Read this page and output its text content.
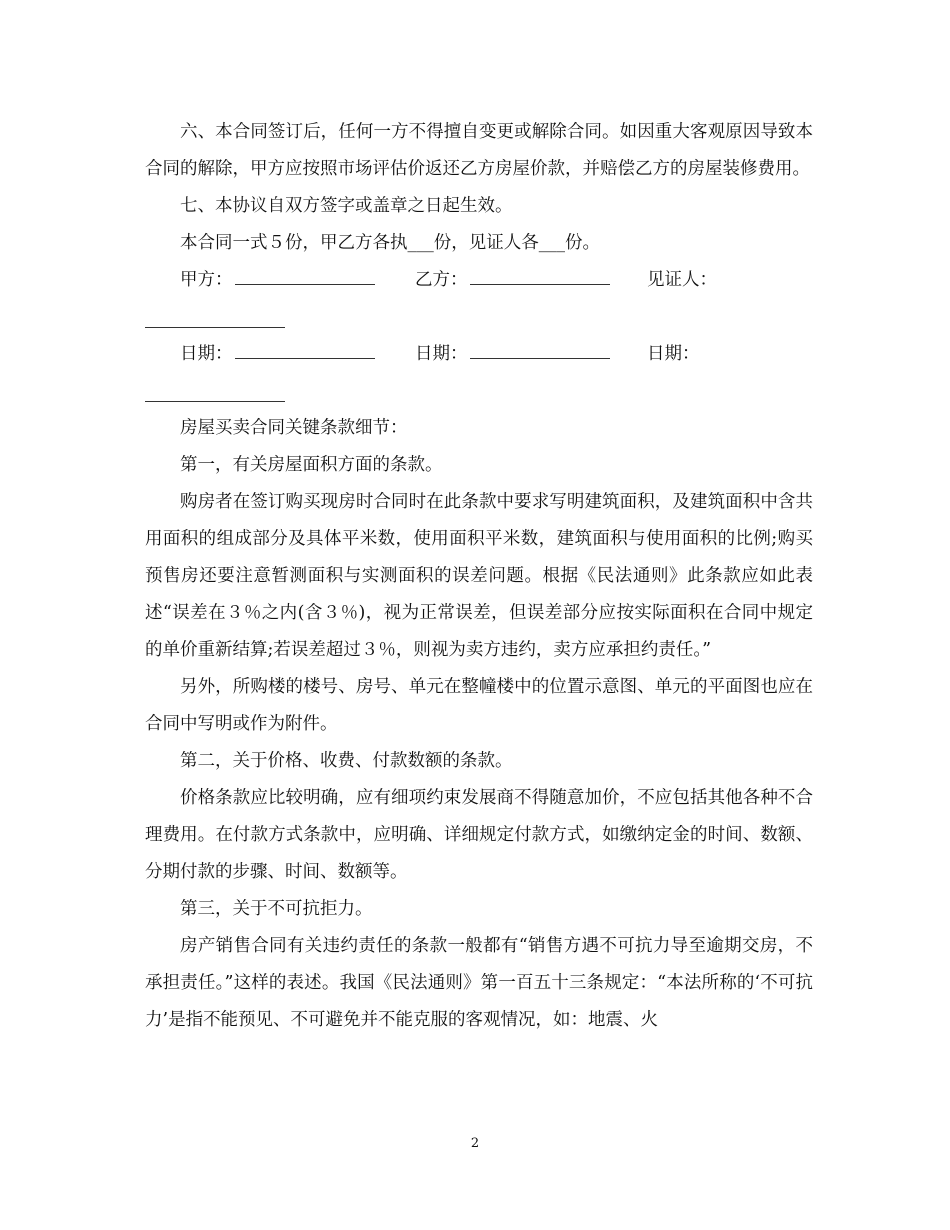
六、本合同签订后，任何一方不得擅自变更或解除合同。如因重大客观原因导致本合同的解除，甲方应按照市场评估价返还乙方房屋价款，并赔偿乙方的房屋装修费用。

七、本协议自双方签字或盖章之日起生效。

本合同一式５份，甲乙方各执___份，见证人各___份。

甲方：	乙方：	见证人：
日期：	日期：	日期：

房屋买卖合同关键条款细节：

第一，有关房屋面积方面的条款。

购房者在签订购买现房时合同时在此条款中要求写明建筑面积，及建筑面积中含共用面积的组成部分及具体平米数，使用面积平米数，建筑面积与使用面积的比例;购买预售房还要注意暂测面积与实测面积的误差问题。根据《民法通则》此条款应如此表述“误差在３％之内(含３％)，视为正常误差，但误差部分应按实际面积在合同中规定的单价重新结算;若误差超过３％，则视为卖方违约，卖方应承担约责任。”

另外，所购楼的楼号、房号、单元在整幢楼中的位置示意图、单元的平面图也应在合同中写明或作为附件。

第二，关于价格、收费、付款数额的条款。

价格条款应比较明确，应有细项约束发展商不得随意加价，不应包括其他各种不合理费用。在付款方式条款中，应明确、详细规定付款方式，如缴纳定金的时间、数额、分期付款的步骤、时间、数额等。

第三，关于不可抗拒力。

房产销售合同有关违约责任的条款一般都有“销售方遇不可抗力导至逾期交房，不承担责任。”这样的表述。我国《民法通则》第一百五十三条规定：“本法所称的‘不可抗力’是指不能预见、不可避免并不能克服的客观情况，如：地震、火

2
